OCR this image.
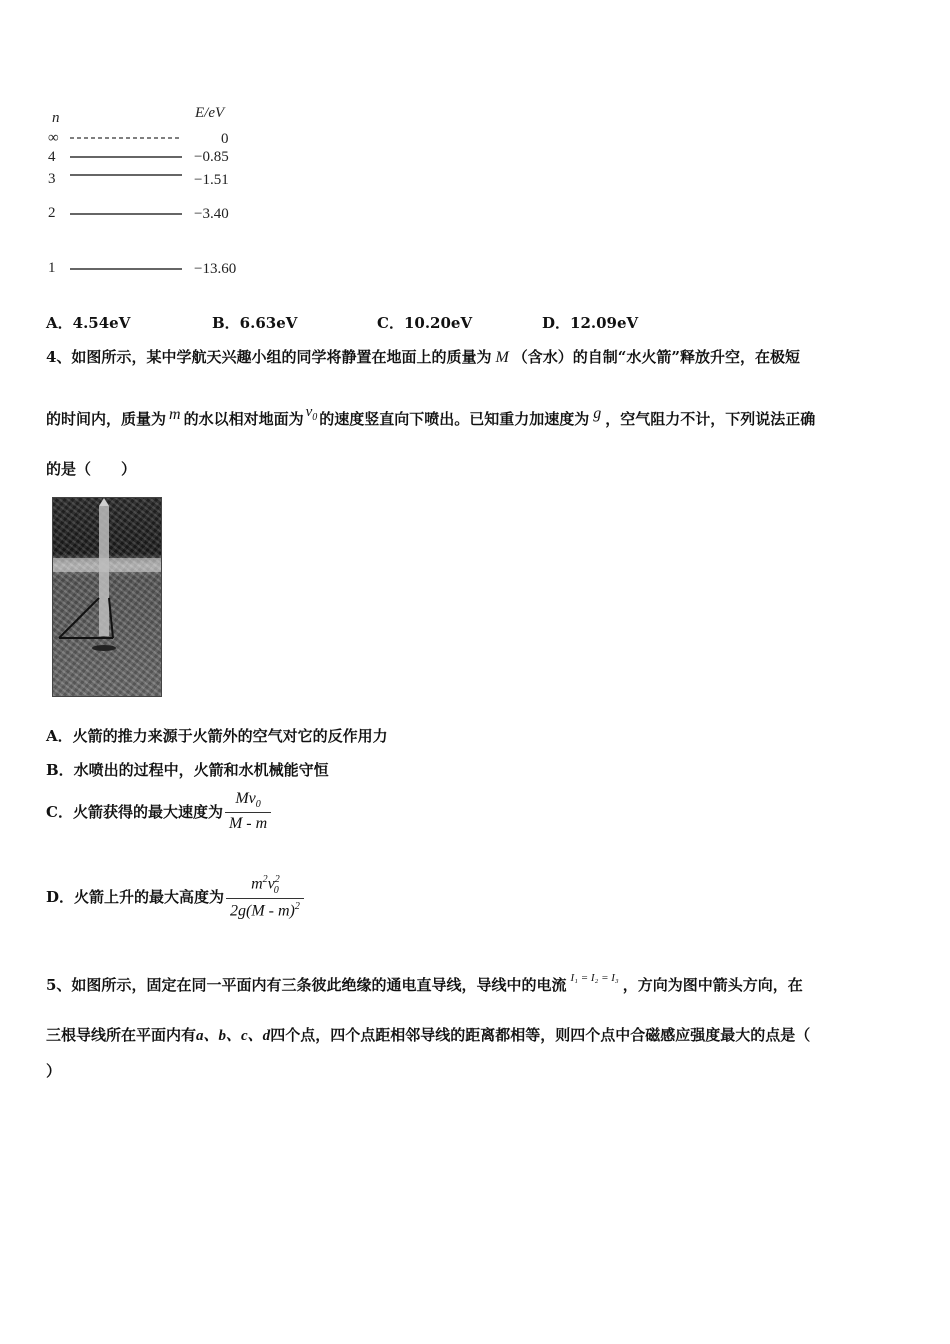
n	E/eV
∞	0
4	−0.85
3	−1.51
2	−3.40
1	−13.60
A．4.54eV	B．6.63eV	C．10.20eV	D．12.09eV
4、如图所示，某中学航天兴趣小组的同学将静置在地面上的质量为 M （含水）的自制“水火箭”释放升空，在极短
的时间内，质量为 m 的水以相对地面为 $v_0$ 的速度竖直向下喷出。已知重力加速度为 g ，空气阻力不计，下列说法正确
的是（　　）
A．火箭的推力来源于火箭外的空气对它的反作用力
B．水喷出的过程中，火箭和水机械能守恒
C．火箭获得的最大速度为 $\frac{Mv_0}{M - m}$
D．火箭上升的最大高度为 $\frac{m^2v^2_0}{2g(M - m)^2}$
5、如图所示，固定在同一平面内有三条彼此绝缘的通电直导线，导线中的电流 $^{I_1 = I_2 = I_3}$ ，方向为图中箭头方向，在
三根导线所在平面内有a、b、c、d四个点，四个点距相邻导线的距离都相等，则四个点中合磁感应强度最大的点是（
）
